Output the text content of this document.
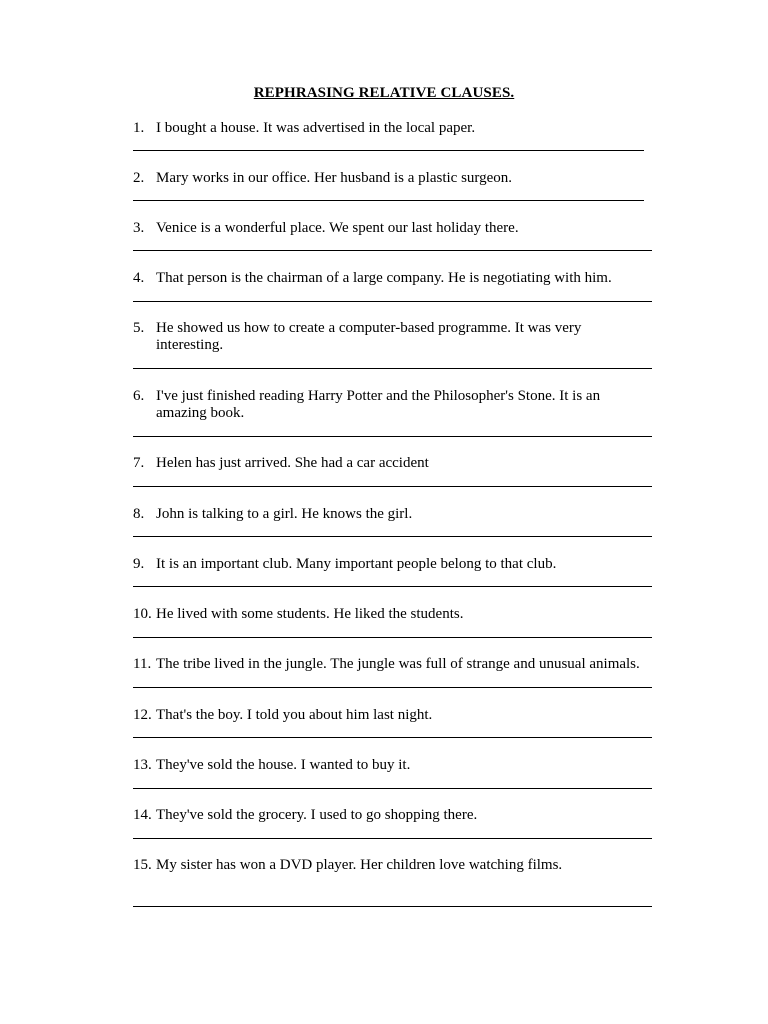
REPHRASING RELATIVE CLAUSES.
1. I bought a house. It was advertised in the local paper.
2. Mary works in our office. Her husband is a plastic surgeon.
3. Venice is a wonderful place. We spent our last holiday there.
4. That person is the chairman of a large company. He is negotiating with him.
5. He showed us how to create a computer-based programme. It was very interesting.
6. I've just finished reading Harry Potter and the Philosopher's Stone. It is an amazing book.
7. Helen has just arrived. She had a car accident
8. John is talking to a girl. He knows the girl.
9. It is an important club. Many important people belong to that club.
10. He lived with some students. He liked the students.
11. The tribe lived in the jungle. The jungle was full of strange and unusual animals.
12. That's the boy. I told you about him last night.
13. They've sold the house. I wanted to buy it.
14. They've sold the grocery. I used to go shopping there.
15. My sister has won a DVD player. Her children love watching films.
